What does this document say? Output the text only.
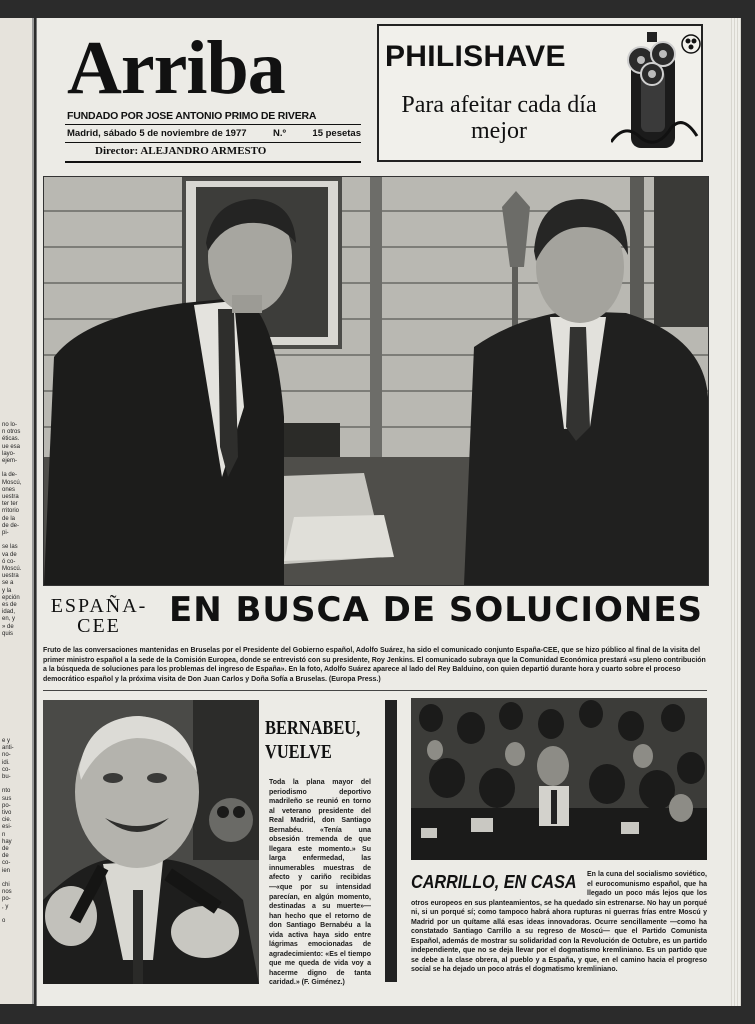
no lo-
n otros
éticas.
ue esa
layo-
ejem-

la de-
Moscú,
ones
uestra
ter ter
rritorio
de la
de de-
pi-

se las
va de
ó co-
Moscú.
uestra
se a
y la
epción
es de
idad,
en, y
» de
quis
e y
anti-
no-
idi.
co-
bu-

nto
sus
po-
tivo
cie.
esi-
n
hay
de
de
co-
ien

chi
nos
po-
, y

o
Arriba
FUNDADO POR JOSE ANTONIO PRIMO DE RIVERA
Madrid, sábado 5 de noviembre de 1977	N.º	15 pesetas
Director: ALEJANDRO ARMESTO
PHILISHAVE
Para afeitar cada día mejor
ESPAÑA-
CEE	EN BUSCA DE SOLUCIONES
Fruto de las conversaciones mantenidas en Bruselas por el Presidente del Gobierno español, Adolfo Suárez, ha sido el comunicado conjunto España-CEE, que se hizo público al final de la visita del primer ministro español a la sede de la Comisión Europea, donde se entrevistó con su presidente, Roy Jenkins. El comunicado subraya que la Comunidad Económica prestará «su pleno contribución a la búsqueda de soluciones para los problemas del ingreso de España». En la foto, Adolfo Suárez aparece al lado del Rey Balduino, con quien departió durante hora y cuarto sobre el proceso democrático español y la próxima visita de Don Juan Carlos y Doña Sofía a Bruselas. (Europa Press.)
BERNABEU, VUELVE
Toda la plana mayor del periodismo deportivo madrileño se reunió en torno al veterano presidente del Real Madrid, don Santiago Bernabéu. «Tenía una obsesión tremenda de que llegara este momento.» Su larga enfermedad, las innumerables muestras de afecto y cariño recibidas —«que por su intensidad parecían, en algún momento, destinadas a su muerte»— han hecho que el retorno de don Santiago Bernabéu a la vida activa haya sido entre lágrimas emocionadas de agradecimiento: «Es el tiempo que me queda de vida voy a hacerme digno de tanta caridad.» (F. Giménez.)
CARRILLO, EN CASA	En la cuna del socialismo soviético, el eurocomunismo español, que ha llegado un poco más lejos que los otros europeos en sus planteamientos, se ha quedado sin estrenarse. No hay un porqué ni, si un porqué sí; como tampoco habrá ahora rupturas ni guerras frías entre Moscú y Madrid por un quítame allá esas ideas innovadoras. Ocurre sencillamente —como ha constatado Santiago Carrillo a su regreso de Moscú— que el Partido Comunista Español, además de mostrar su solidaridad con la Revolución de Octubre, es un partido independiente, que no se deja llevar por el dogmatismo kremliniano. Es un partido que se debe a la clase obrera, al pueblo y a España, y que, en el camino hacia el progreso social se ha dejado un poco atrás el dogmatismo kremliniano.
